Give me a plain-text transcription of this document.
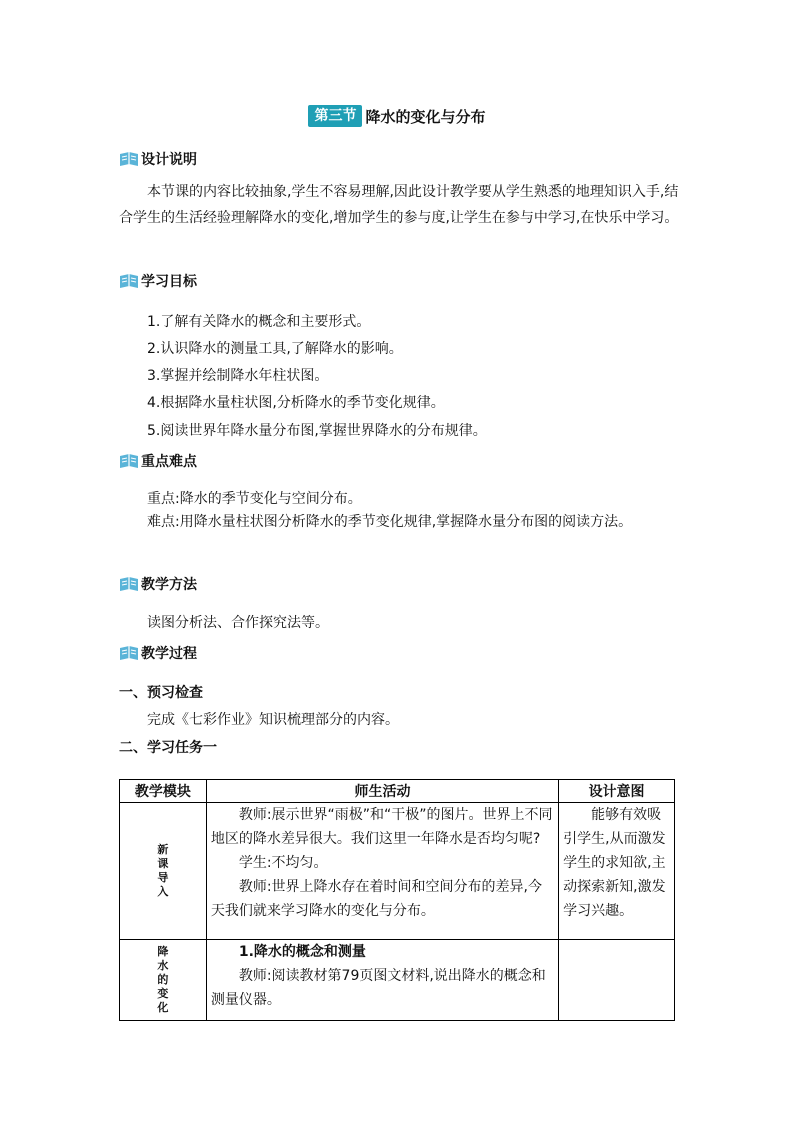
第三节 降水的变化与分布
设计说明
本节课的内容比较抽象,学生不容易理解,因此设计教学要从学生熟悉的地理知识入手,结合学生的生活经验理解降水的变化,增加学生的参与度,让学生在参与中学习,在快乐中学习。
学习目标
1.了解有关降水的概念和主要形式。
2.认识降水的测量工具,了解降水的影响。
3.掌握并绘制降水年柱状图。
4.根据降水量柱状图,分析降水的季节变化规律。
5.阅读世界年降水量分布图,掌握世界降水的分布规律。
重点难点
重点:降水的季节变化与空间分布。
难点:用降水量柱状图分析降水的季节变化规律,掌握降水量分布图的阅读方法。
教学方法
读图分析法、合作探究法等。
教学过程
一、预习检查
完成《七彩作业》知识梳理部分的内容。
二、学习任务一
教学模块	师生活动	设计意图

新课导入	教师:展示世界“雨极”和“干极”的图片。世界上不同地区的降水差异很大。我们这里一年降水是否均匀呢?
学生:不均匀。
教师:世界上降水存在着时间和空间分布的差异,今天我们就来学习降水的变化与分布。	能够有效吸引学生,从而激发学生的求知欲,主动探索新知,激发学习兴趣。

降水的变化	1.降水的概念和测量
教师:阅读教材第79页图文材料,说出降水的概念和测量仪器。	
